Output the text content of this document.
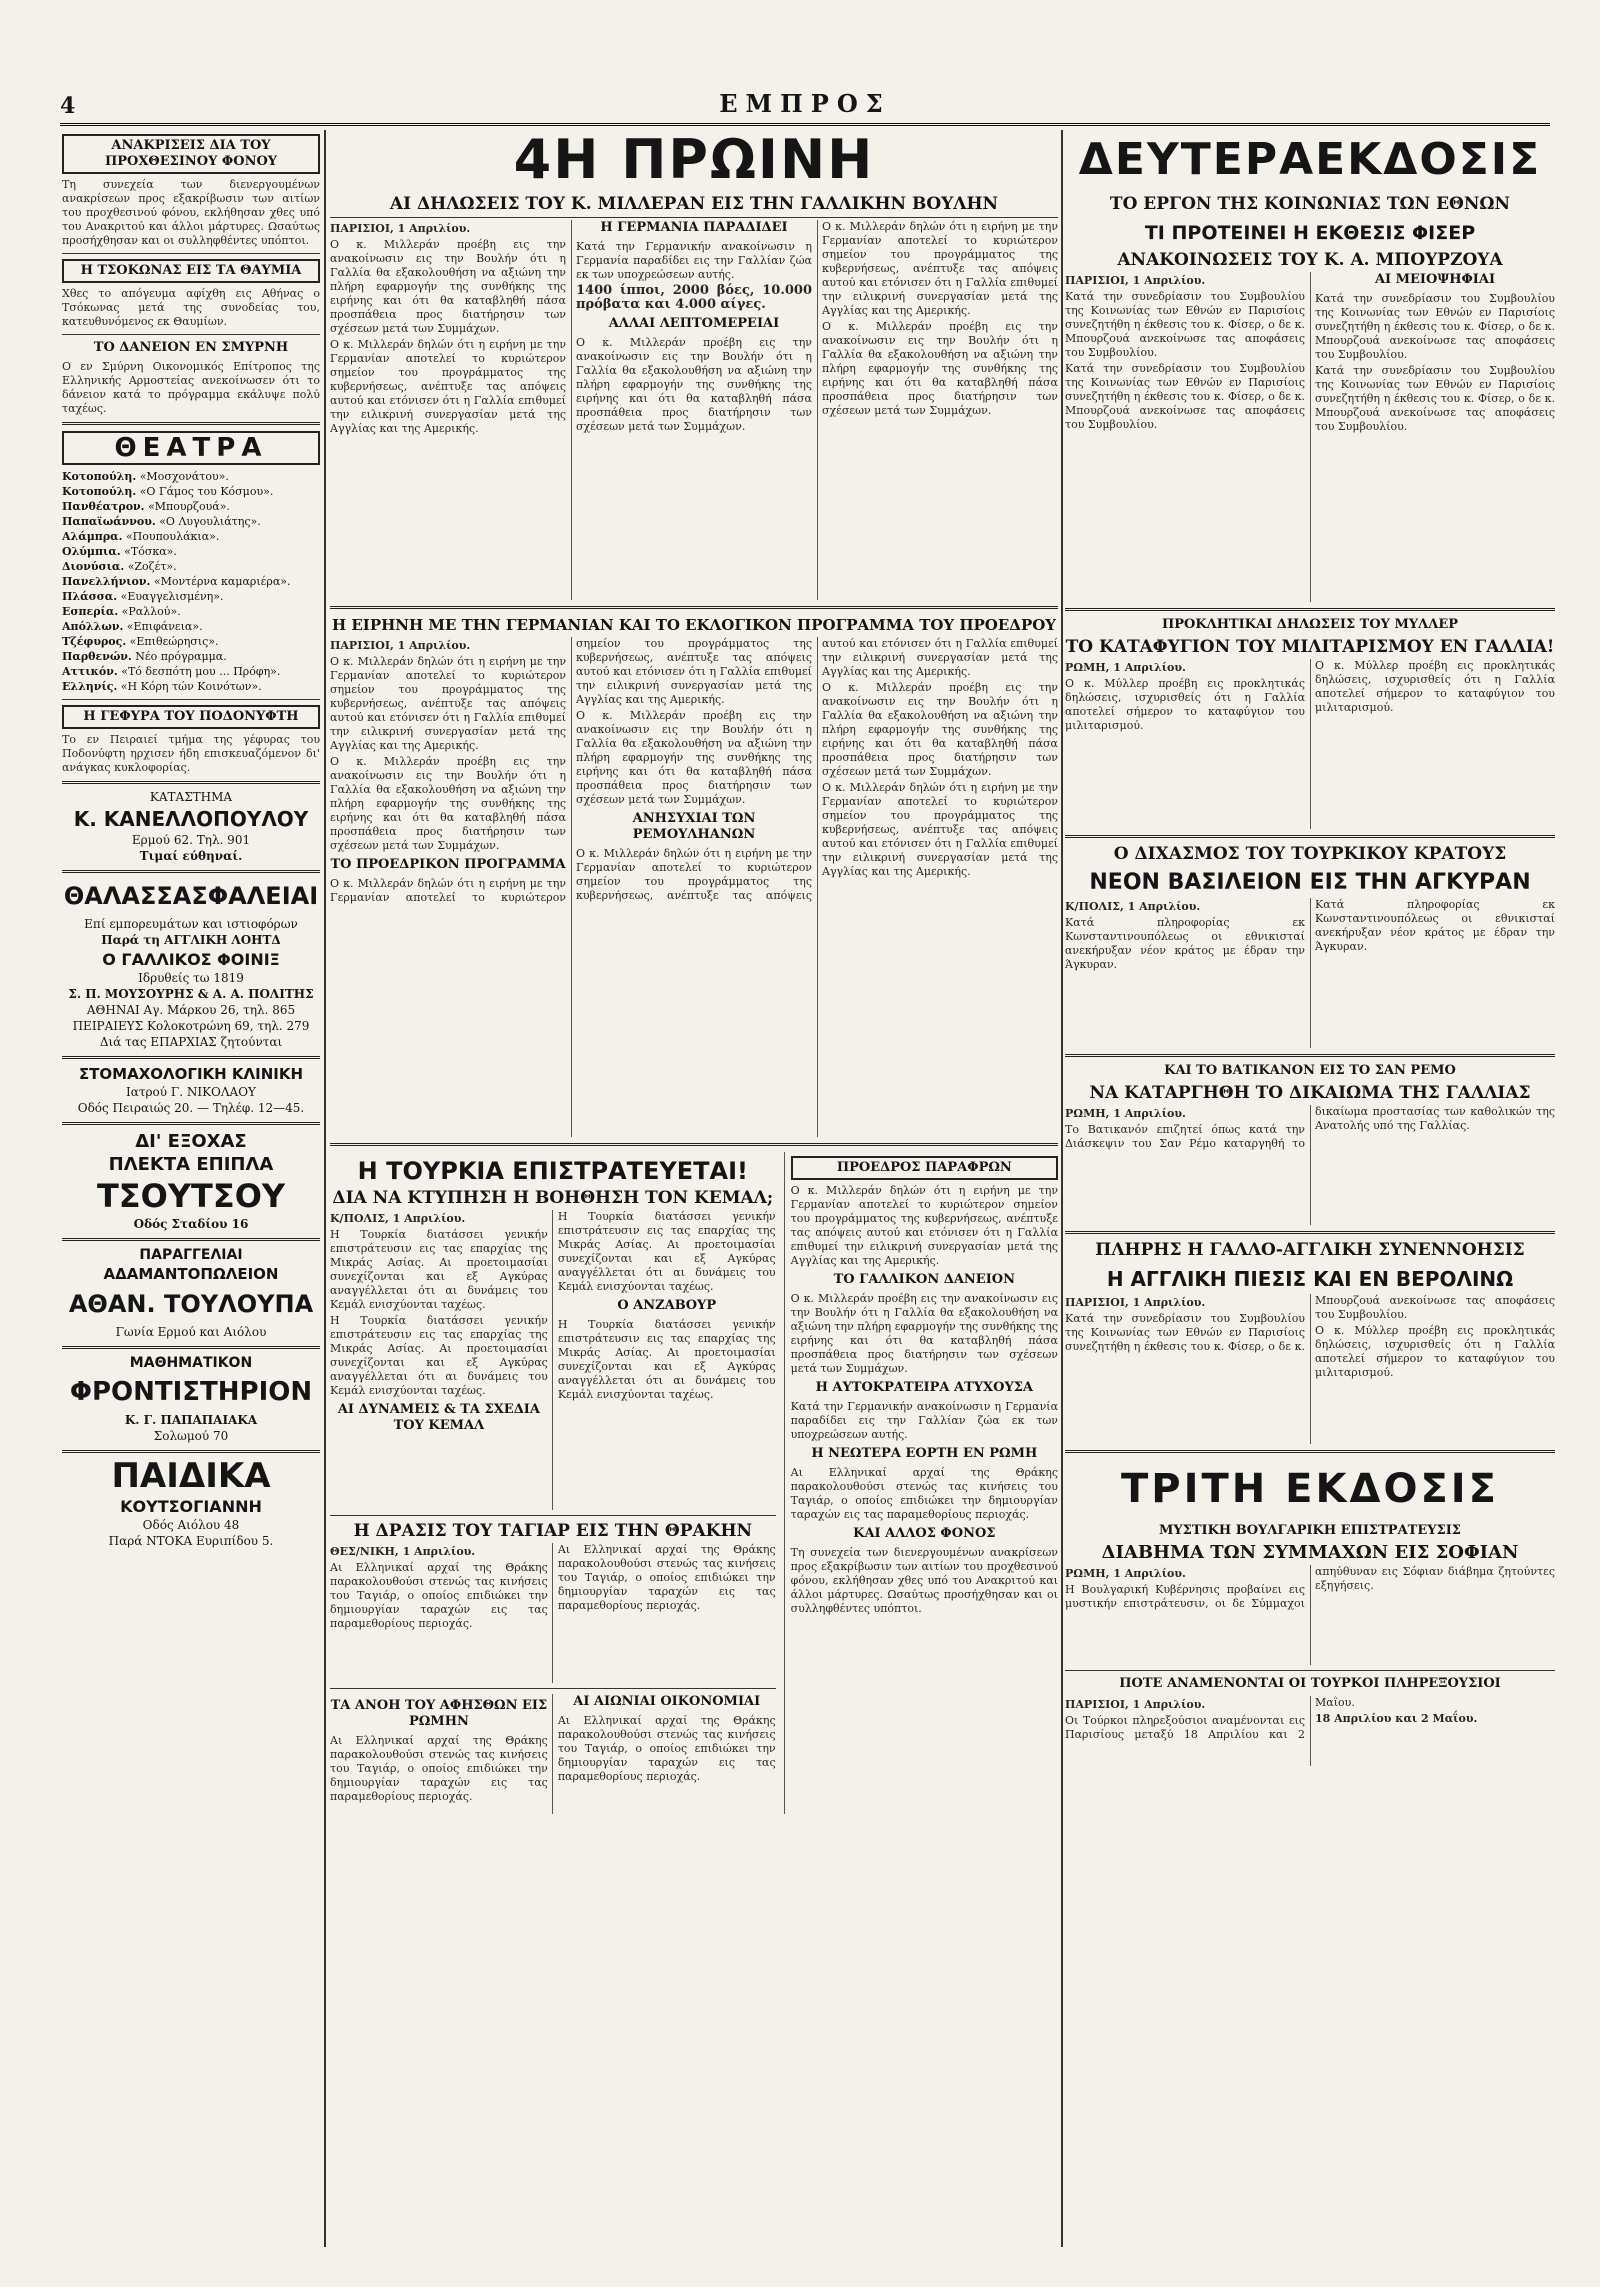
4	ΕΜΠΡΟΣ
ΑΝΑΚΡΙΣΕΙΣ ΔΙΑ ΤΟΥ ΠΡΟΧΘΕΣΙΝΟΥ ΦΟΝΟΥ

Τη συνεχεία των διενεργουμένων ανακρίσεων προς εξακρίβωσιν των αιτίων του προχθεσινού φόνου, εκλήθησαν χθες υπό του Ανακριτού και άλλοι μάρτυρες. Ωσαύτως προσήχθησαν και οι συλληφθέντες υπόπτοι.

Η ΤΣΟΚΩΝΑΣ ΕΙΣ ΤΑ ΘΑΥΜΙΑ

Χθες το απόγευμα αφίχθη εις Αθήνας ο Τσόκωνας μετά της συνοδείας του, κατευθυνόμενος εκ Θαυμίων.

ΤΟ ΔΑΝΕΙΟΝ ΕΝ ΣΜΥΡΝΗ

Ο εν Σμύρνη Οικονομικός Επίτροπος της Ελληνικής Αρμοστείας ανεκοίνωσεν ότι το δάνειον κατά το πρόγραμμα εκάλυψε πολύ ταχέως.

ΘΕΑΤΡΑ
Κοτοπούλη. «Μοσχονάτου».
Κοτοπούλη. «Ο Γάμος του Κόσμου».
Πανθέατρον. «Μπουρζουά».
Παπαϊωάννου. «Ο Λυγουλιάτης».
Αλάμπρα. «Πουπουλάκια».
Ολύμπια. «Τόσκα».
Διονύσια. «Ζοζέτ».
Πανελλήνιον. «Μοντέρνα καμαριέρα».
Πλάσσα. «Ευαγγελισμένη».
Εσπερία. «Ραλλού».
Απόλλων. «Επιφάνεια».
Τζέφυρος. «Επιθεώρησις».
Παρθενών. Νέο πρόγραμμα.
Αττικόν. «Τό δεσπότη μου ... Πρόφη».
Ελληνίς. «Η Κόρη τών Κοινότων».
Η ΓΕΦΥΡΑ ΤΟΥ ΠΟΔΟΝΥΦΤΗ

Το εν Πειραιεί τμήμα της γέφυρας του Ποδονύφτη ηρχισεν ήδη επισκευαζόμενον δι' ανάγκας κυκλοφορίας.

ΚΑΤΑΣΤΗΜΑ
Κ. ΚΑΝΕΛΛΟΠΟΥΛΟΥ
Ερμού 62. Τηλ. 901
Τιμαί εύθηναί.
ΘΑΛΑΣΣΑΣΦΑΛΕΙΑΙ
Επί εμπορευμάτων και ιστιοφόρων
Παρά τη ΑΓΓΛΙΚΗ ΛΟΗΤΔ
Ο ΓΑΛΛΙΚΟΣ ΦΟΙΝΙΞ
Ιδρυθείς τω 1819
Σ. Π. ΜΟΥΣΟΥΡΗΣ & Α. Α. ΠΟΛΙΤΗΣ
ΑΘΗΝΑΙ Αγ. Μάρκου 26, τηλ. 865
ΠΕΙΡΑΙΕΥΣ Κολοκοτρώνη 69, τηλ. 279
Διά τας ΕΠΑΡΧΙΑΣ ζητούνται
ΣΤΟΜΑΧΟΛΟΓΙΚΗ ΚΛΙΝΙΚΗ
Ιατρού Γ. ΝΙΚΟΛΑΟΥ
Οδός Πειραιώς 20. — Τηλέφ. 12—45.
ΔΙ' ΕΞΟΧΑΣ
ΠΛΕΚΤΑ ΕΠΙΠΛΑ
ΤΣΟΥΤΣΟΥ
Οδός Σταδίου 16
ΠΑΡΑΓΓΕΛΙΑΙ
ΑΔΑΜΑΝΤΟΠΩΛΕΙΟΝ
ΑΘΑΝ. ΤΟΥΛΟΥΠΑ
Γωνία Ερμού και Αιόλου
ΜΑΘΗΜΑΤΙΚΟΝ
ΦΡΟΝΤΙΣΤΗΡΙΟΝ
Κ. Γ. ΠΑΠΑΠΑΙΑΚΑ
Σολωμού 70
ΠΑΙΔΙΚΑ
ΚΟΥΤΣΟΓΙΑΝΝΗ
Οδός Αιόλου 48
Παρά ΝΤΟΚΑ Ευριπίδου 5.
4Η ΠΡΩΙΝΗ
ΑΙ ΔΗΛΩΣΕΙΣ ΤΟΥ Κ. ΜΙΛΛΕΡΑΝ ΕΙΣ ΤΗΝ ΓΑΛΛΙΚΗΝ ΒΟΥΛΗΝ

ΠΑΡΙΣΙΟΙ, 1 Απριλίου.

Ο κ. Μιλλεράν προέβη εις την ανακοίνωσιν εις την Βουλήν ότι η Γαλλία θα εξακολουθήση να αξιώνη την πλήρη εφαρμογήν της συνθήκης της ειρήνης και ότι θα καταβληθή πάσα προσπάθεια προς διατήρησιν των σχέσεων μετά των Συμμάχων.

Ο κ. Μιλλεράν δηλών ότι η ειρήνη με την Γερμανίαν αποτελεί το κυριώτερον σημείον του προγράμματος της κυβερνήσεως, ανέπτυξε τας απόψεις αυτού και ετόνισεν ότι η Γαλλία επιθυμεί την ειλικρινή συνεργασίαν μετά της Αγγλίας και της Αμερικής.

Η ΓΕΡΜΑΝΙΑ ΠΑΡΑΔΙΔΕΙ

Κατά την Γερμανικήν ανακοίνωσιν η Γερμανία παραδίδει εις την Γαλλίαν ζώα εκ των υποχρεώσεων αυτής.

1400 ίπποι, 2000 βόες, 10.000 πρόβατα και 4.000 αίγες.

ΑΛΛΑΙ ΛΕΠΤΟΜΕΡΕΙΑΙ

Ο κ. Μιλλεράν προέβη εις την ανακοίνωσιν εις την Βουλήν ότι η Γαλλία θα εξακολουθήση να αξιώνη την πλήρη εφαρμογήν της συνθήκης της ειρήνης και ότι θα καταβληθή πάσα προσπάθεια προς διατήρησιν των σχέσεων μετά των Συμμάχων.

Ο κ. Μιλλεράν δηλών ότι η ειρήνη με την Γερμανίαν αποτελεί το κυριώτερον σημείον του προγράμματος της κυβερνήσεως, ανέπτυξε τας απόψεις αυτού και ετόνισεν ότι η Γαλλία επιθυμεί την ειλικρινή συνεργασίαν μετά της Αγγλίας και της Αμερικής.

Ο κ. Μιλλεράν προέβη εις την ανακοίνωσιν εις την Βουλήν ότι η Γαλλία θα εξακολουθήση να αξιώνη την πλήρη εφαρμογήν της συνθήκης της ειρήνης και ότι θα καταβληθή πάσα προσπάθεια προς διατήρησιν των σχέσεων μετά των Συμμάχων.

Η ΕΙΡΗΝΗ ΜΕ ΤΗΝ ΓΕΡΜΑΝΙΑΝ ΚΑΙ ΤΟ ΕΚΛΟΓΙΚΟΝ ΠΡΟΓΡΑΜΜΑ ΤΟΥ ΠΡΟΕΔΡΟΥ

ΠΑΡΙΣΙΟΙ, 1 Απριλίου.

Ο κ. Μιλλεράν δηλών ότι η ειρήνη με την Γερμανίαν αποτελεί το κυριώτερον σημείον του προγράμματος της κυβερνήσεως, ανέπτυξε τας απόψεις αυτού και ετόνισεν ότι η Γαλλία επιθυμεί την ειλικρινή συνεργασίαν μετά της Αγγλίας και της Αμερικής.

Ο κ. Μιλλεράν προέβη εις την ανακοίνωσιν εις την Βουλήν ότι η Γαλλία θα εξακολουθήση να αξιώνη την πλήρη εφαρμογήν της συνθήκης της ειρήνης και ότι θα καταβληθή πάσα προσπάθεια προς διατήρησιν των σχέσεων μετά των Συμμάχων.

ΤΟ ΠΡΟΕΔΡΙΚΟΝ ΠΡΟΓΡΑΜΜΑ

Ο κ. Μιλλεράν δηλών ότι η ειρήνη με την Γερμανίαν αποτελεί το κυριώτερον σημείον του προγράμματος της κυβερνήσεως, ανέπτυξε τας απόψεις αυτού και ετόνισεν ότι η Γαλλία επιθυμεί την ειλικρινή συνεργασίαν μετά της Αγγλίας και της Αμερικής.

Ο κ. Μιλλεράν προέβη εις την ανακοίνωσιν εις την Βουλήν ότι η Γαλλία θα εξακολουθήση να αξιώνη την πλήρη εφαρμογήν της συνθήκης της ειρήνης και ότι θα καταβληθή πάσα προσπάθεια προς διατήρησιν των σχέσεων μετά των Συμμάχων.

ΑΝΗΣΥΧΙΑΙ ΤΩΝ ΡΕΜΟΥΛΗΑΝΩΝ

Ο κ. Μιλλεράν δηλών ότι η ειρήνη με την Γερμανίαν αποτελεί το κυριώτερον σημείον του προγράμματος της κυβερνήσεως, ανέπτυξε τας απόψεις αυτού και ετόνισεν ότι η Γαλλία επιθυμεί την ειλικρινή συνεργασίαν μετά της Αγγλίας και της Αμερικής.

Ο κ. Μιλλεράν προέβη εις την ανακοίνωσιν εις την Βουλήν ότι η Γαλλία θα εξακολουθήση να αξιώνη την πλήρη εφαρμογήν της συνθήκης της ειρήνης και ότι θα καταβληθή πάσα προσπάθεια προς διατήρησιν των σχέσεων μετά των Συμμάχων.

Ο κ. Μιλλεράν δηλών ότι η ειρήνη με την Γερμανίαν αποτελεί το κυριώτερον σημείον του προγράμματος της κυβερνήσεως, ανέπτυξε τας απόψεις αυτού και ετόνισεν ότι η Γαλλία επιθυμεί την ειλικρινή συνεργασίαν μετά της Αγγλίας και της Αμερικής.

Η ΤΟΥΡΚΙΑ ΕΠΙΣΤΡΑΤΕΥΕΤΑΙ!
ΔΙΑ ΝΑ ΚΤΥΠΗΣΗ Η ΒΟΗΘΗΣΗ ΤΟΝ ΚΕΜΑΛ;

Κ/ΠΟΛΙΣ, 1 Απριλίου.

Η Τουρκία διατάσσει γενικήν επιστράτευσιν εις τας επαρχίας της Μικράς Ασίας. Αι προετοιμασίαι συνεχίζονται και εξ Αγκύρας αναγγέλλεται ότι αι δυνάμεις του Κεμάλ ενισχύονται ταχέως.

Η Τουρκία διατάσσει γενικήν επιστράτευσιν εις τας επαρχίας της Μικράς Ασίας. Αι προετοιμασίαι συνεχίζονται και εξ Αγκύρας αναγγέλλεται ότι αι δυνάμεις του Κεμάλ ενισχύονται ταχέως.

ΑΙ ΔΥΝΑΜΕΙΣ & ΤΑ ΣΧΕΔΙΑ ΤΟΥ ΚΕΜΑΛ

Η Τουρκία διατάσσει γενικήν επιστράτευσιν εις τας επαρχίας της Μικράς Ασίας. Αι προετοιμασίαι συνεχίζονται και εξ Αγκύρας αναγγέλλεται ότι αι δυνάμεις του Κεμάλ ενισχύονται ταχέως.

Ο ΑΝΖΑΒΟΥΡ

Η Τουρκία διατάσσει γενικήν επιστράτευσιν εις τας επαρχίας της Μικράς Ασίας. Αι προετοιμασίαι συνεχίζονται και εξ Αγκύρας αναγγέλλεται ότι αι δυνάμεις του Κεμάλ ενισχύονται ταχέως.

Η ΔΡΑΣΙΣ ΤΟΥ ΤΑΓΙΑΡ ΕΙΣ ΤΗΝ ΘΡΑΚΗΝ

ΘΕΣ/ΝΙΚΗ, 1 Απριλίου.

Αι Ελληνικαί αρχαί της Θράκης παρακολουθούσι στενώς τας κινήσεις του Ταγιάρ, ο οποίος επιδιώκει την δημιουργίαν ταραχών εις τας παραμεθορίους περιοχάς.

Αι Ελληνικαί αρχαί της Θράκης παρακολουθούσι στενώς τας κινήσεις του Ταγιάρ, ο οποίος επιδιώκει την δημιουργίαν ταραχών εις τας παραμεθορίους περιοχάς.

ΤΑ ΑΝΟΗ ΤΟΥ ΑΦΗΣΘΩΝ ΕΙΣ ΡΩΜΗΝ

Αι Ελληνικαί αρχαί της Θράκης παρακολουθούσι στενώς τας κινήσεις του Ταγιάρ, ο οποίος επιδιώκει την δημιουργίαν ταραχών εις τας παραμεθορίους περιοχάς.

ΑΙ ΑΙΩΝΙΑΙ ΟΙΚΟΝΟΜΙΑΙ

Αι Ελληνικαί αρχαί της Θράκης παρακολουθούσι στενώς τας κινήσεις του Ταγιάρ, ο οποίος επιδιώκει την δημιουργίαν ταραχών εις τας παραμεθορίους περιοχάς.

ΠΡΟΕΔΡΟΣ ΠΑΡΑΦΡΩΝ

Ο κ. Μιλλεράν δηλών ότι η ειρήνη με την Γερμανίαν αποτελεί το κυριώτερον σημείον του προγράμματος της κυβερνήσεως, ανέπτυξε τας απόψεις αυτού και ετόνισεν ότι η Γαλλία επιθυμεί την ειλικρινή συνεργασίαν μετά της Αγγλίας και της Αμερικής.

ΤΟ ΓΑΛΛΙΚΟΝ ΔΑΝΕΙΟΝ

Ο κ. Μιλλεράν προέβη εις την ανακοίνωσιν εις την Βουλήν ότι η Γαλλία θα εξακολουθήση να αξιώνη την πλήρη εφαρμογήν της συνθήκης της ειρήνης και ότι θα καταβληθή πάσα προσπάθεια προς διατήρησιν των σχέσεων μετά των Συμμάχων.

Η ΑΥΤΟΚΡΑΤΕΙΡΑ ΑΤΥΧΟΥΣΑ

Κατά την Γερμανικήν ανακοίνωσιν η Γερμανία παραδίδει εις την Γαλλίαν ζώα εκ των υποχρεώσεων αυτής.

Η ΝΕΩΤΕΡΑ ΕΟΡΤΗ ΕΝ ΡΩΜΗ

Αι Ελληνικαί αρχαί της Θράκης παρακολουθούσι στενώς τας κινήσεις του Ταγιάρ, ο οποίος επιδιώκει την δημιουργίαν ταραχών εις τας παραμεθορίους περιοχάς.

ΚΑΙ ΑΛΛΟΣ ΦΟΝΟΣ

Τη συνεχεία των διενεργουμένων ανακρίσεων προς εξακρίβωσιν των αιτίων του προχθεσινού φόνου, εκλήθησαν χθες υπό του Ανακριτού και άλλοι μάρτυρες. Ωσαύτως προσήχθησαν και οι συλληφθέντες υπόπτοι.

ΔΕΥΤΕΡΑΕΚΔΟΣΙΣ
ΤΟ ΕΡΓΟΝ ΤΗΣ ΚΟΙΝΩΝΙΑΣ ΤΩΝ ΕΘΝΩΝ
ΤΙ ΠΡΟΤΕΙΝΕΙ Η ΕΚΘΕΣΙΣ ΦΙΣΕΡ
ΑΝΑΚΟΙΝΩΣΕΙΣ ΤΟΥ Κ. Α. ΜΠΟΥΡΖΟΥΑ

ΠΑΡΙΣΙΟΙ, 1 Απριλίου.

Κατά την συνεδρίασιν του Συμβουλίου της Κοινωνίας των Εθνών εν Παρισίοις συνεζητήθη η έκθεσις του κ. Φίσερ, ο δε κ. Μπουρζουά ανεκοίνωσε τας αποφάσεις του Συμβουλίου.

Κατά την συνεδρίασιν του Συμβουλίου της Κοινωνίας των Εθνών εν Παρισίοις συνεζητήθη η έκθεσις του κ. Φίσερ, ο δε κ. Μπουρζουά ανεκοίνωσε τας αποφάσεις του Συμβουλίου.

ΑΙ ΜΕΙΟΨΗΦΙΑΙ

Κατά την συνεδρίασιν του Συμβουλίου της Κοινωνίας των Εθνών εν Παρισίοις συνεζητήθη η έκθεσις του κ. Φίσερ, ο δε κ. Μπουρζουά ανεκοίνωσε τας αποφάσεις του Συμβουλίου.

Κατά την συνεδρίασιν του Συμβουλίου της Κοινωνίας των Εθνών εν Παρισίοις συνεζητήθη η έκθεσις του κ. Φίσερ, ο δε κ. Μπουρζουά ανεκοίνωσε τας αποφάσεις του Συμβουλίου.

ΠΡΟΚΛΗΤΙΚΑΙ ΔΗΛΩΣΕΙΣ ΤΟΥ ΜΥΛΛΕΡ
ΤΟ ΚΑΤΑΦΥΓΙΟΝ ΤΟΥ ΜΙΛΙΤΑΡΙΣΜΟΥ ΕΝ ΓΑΛΛΙΑ!

ΡΩΜΗ, 1 Απριλίου.

Ο κ. Μύλλερ προέβη εις προκλητικάς δηλώσεις, ισχυρισθείς ότι η Γαλλία αποτελεί σήμερον το καταφύγιον του μιλιταρισμού.

Ο κ. Μύλλερ προέβη εις προκλητικάς δηλώσεις, ισχυρισθείς ότι η Γαλλία αποτελεί σήμερον το καταφύγιον του μιλιταρισμού.

Ο ΔΙΧΑΣΜΟΣ ΤΟΥ ΤΟΥΡΚΙΚΟΥ ΚΡΑΤΟΥΣ
ΝΕΟΝ ΒΑΣΙΛΕΙΟΝ ΕΙΣ ΤΗΝ ΑΓΚΥΡΑΝ

Κ/ΠΟΛΙΣ, 1 Απριλίου.

Κατά πληροφορίας εκ Κωνσταντινουπόλεως οι εθνικισταί ανεκήρυξαν νέον κράτος με έδραν την Άγκυραν.

Κατά πληροφορίας εκ Κωνσταντινουπόλεως οι εθνικισταί ανεκήρυξαν νέον κράτος με έδραν την Άγκυραν.

ΚΑΙ ΤΟ ΒΑΤΙΚΑΝΟΝ ΕΙΣ ΤΟ ΣΑΝ ΡΕΜΟ
ΝΑ ΚΑΤΑΡΓΗΘΗ ΤΟ ΔΙΚΑΙΩΜΑ ΤΗΣ ΓΑΛΛΙΑΣ

ΡΩΜΗ, 1 Απριλίου.

Το Βατικανόν επιζητεί όπως κατά την Διάσκεψιν του Σαν Ρέμο καταργηθή το δικαίωμα προστασίας των καθολικών της Ανατολής υπό της Γαλλίας.

ΠΛΗΡΗΣ Η ΓΑΛΛΟ-ΑΓΓΛΙΚΗ ΣΥΝΕΝΝΟΗΣΙΣ
Η ΑΓΓΛΙΚΗ ΠΙΕΣΙΣ ΚΑΙ ΕΝ ΒΕΡΟΛΙΝΩ

ΠΑΡΙΣΙΟΙ, 1 Απριλίου.

Κατά την συνεδρίασιν του Συμβουλίου της Κοινωνίας των Εθνών εν Παρισίοις συνεζητήθη η έκθεσις του κ. Φίσερ, ο δε κ. Μπουρζουά ανεκοίνωσε τας αποφάσεις του Συμβουλίου.

Ο κ. Μύλλερ προέβη εις προκλητικάς δηλώσεις, ισχυρισθείς ότι η Γαλλία αποτελεί σήμερον το καταφύγιον του μιλιταρισμού.

ΤΡΙΤΗ ΕΚΔΟΣΙΣ
ΜΥΣΤΙΚΗ ΒΟΥΛΓΑΡΙΚΗ ΕΠΙΣΤΡΑΤΕΥΣΙΣ
ΔΙΑΒΗΜΑ ΤΩΝ ΣΥΜΜΑΧΩΝ ΕΙΣ ΣΟΦΙΑΝ

ΡΩΜΗ, 1 Απριλίου.

Η Βουλγαρική Κυβέρνησις προβαίνει εις μυστικήν επιστράτευσιν, οι δε Σύμμαχοι απηύθυναν εις Σόφιαν διάβημα ζητούντες εξηγήσεις.

ΠΟΤΕ ΑΝΑΜΕΝΟΝΤΑΙ ΟΙ ΤΟΥΡΚΟΙ ΠΛΗΡΕΞΟΥΣΙΟΙ

ΠΑΡΙΣΙΟΙ, 1 Απριλίου.

Οι Τούρκοι πληρεξούσιοι αναμένονται εις Παρισίους μεταξύ 18 Απριλίου και 2 Μαΐου.

18 Απριλίου και 2 Μαΐου.
